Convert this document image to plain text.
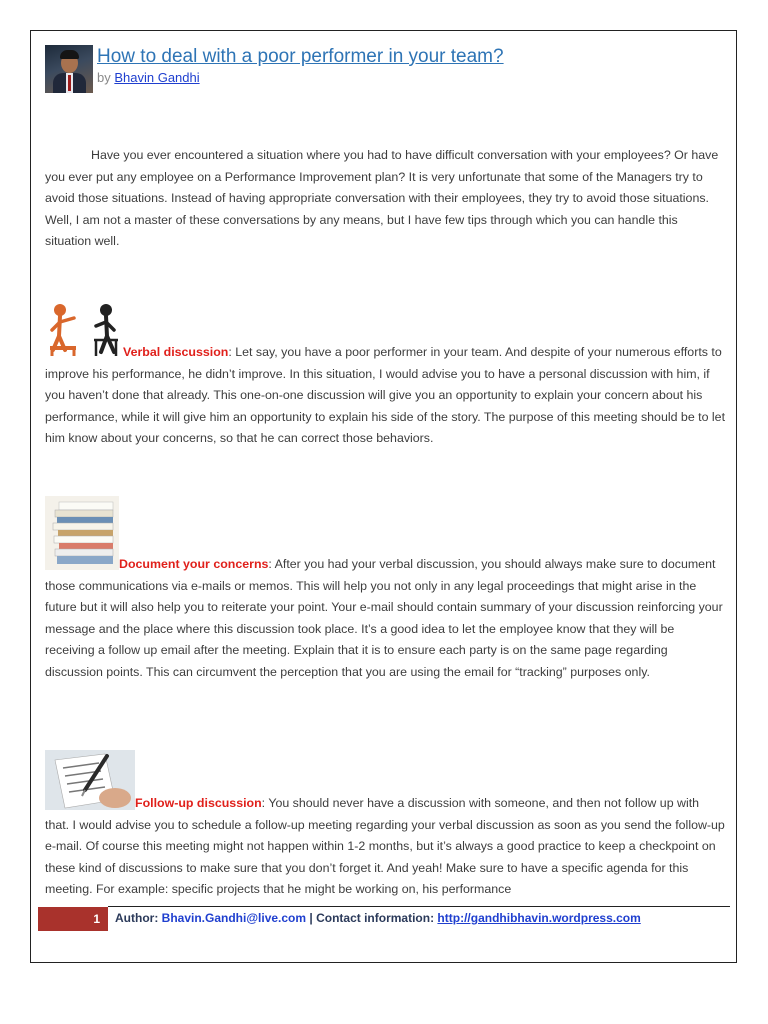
How to deal with a poor performer in your team?
by Bhavin Gandhi

Have you ever encountered a situation where you had to have difficult conversation with your employees? Or have you ever put any employee on a Performance Improvement plan? It is very unfortunate that some of the Managers try to avoid those situations. Instead of having appropriate conversation with their employees, they try to avoid those situations. Well, I am not a master of these conversations by any means, but I have few tips through which you can handle this situation well.

Verbal discussion: Let say, you have a poor performer in your team. And despite of your numerous efforts to improve his performance, he didn’t improve. In this situation, I would advise you to have a personal discussion with him, if you haven’t done that already. This one-on-one discussion will give you an opportunity to explain your concern about his performance, while it will give him an opportunity to explain his side of the story. The purpose of this meeting should be to let him know about your concerns, so that he can correct those behaviors.

Document your concerns: After you had your verbal discussion, you should always make sure to document those communications via e-mails or memos. This will help you not only in any legal proceedings that might arise in the future but it will also help you to reiterate your point. Your e-mail should contain summary of your discussion reinforcing your message and the place where this discussion took place. It’s a good idea to let the employee know that they will be receiving a follow up email after the meeting. Explain that it is to ensure each party is on the same page regarding discussion points. This can circumvent the perception that you are using the email for “tracking” purposes only.

Follow-up discussion: You should never have a discussion with someone, and then not follow up with that. I would advise you to schedule a follow-up meeting regarding your verbal discussion as soon as you send the follow-up e-mail. Of course this meeting might not happen within 1-2 months, but it’s always a good practice to keep a checkpoint on these kind of discussions to make sure that you don’t forget it. And yeah! Make sure to have a specific agenda for this meeting. For example: specific projects that he might be working on, his performance

1	Author: Bhavin.Gandhi@live.com | Contact information: http://gandhibhavin.wordpress.com
